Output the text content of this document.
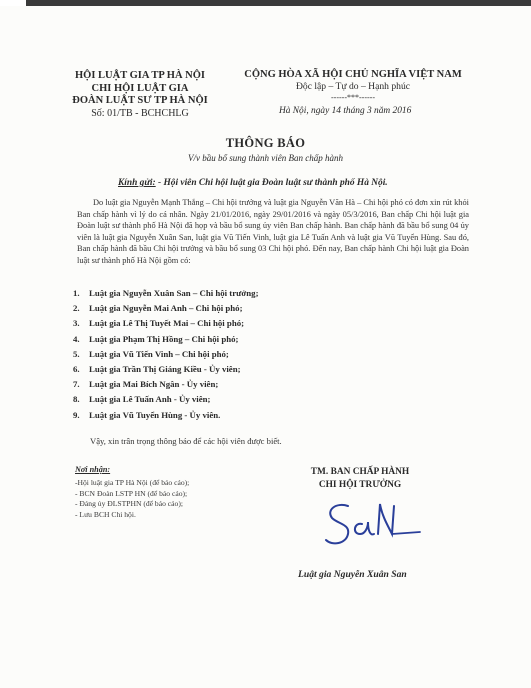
HỘI LUẬT GIA TP HÀ NỘI
CHI HỘI LUẬT GIA
ĐOÀN LUẬT SƯ TP HÀ NỘI
Số: 01/TB - BCHCHLG
CỘNG HÒA XÃ HỘI CHỦ NGHĨA VIỆT NAM
Độc lập – Tự do – Hạnh phúc
------***------
Hà Nội, ngày 14 tháng 3 năm 2016
THÔNG BÁO
V/v bầu bổ sung thành viên Ban chấp hành
Kính gửi: - Hội viên Chi hội luật gia Đoàn luật sư thành phố Hà Nội.
Do luật gia Nguyễn Mạnh Thắng – Chi hội trưởng và luật gia Nguyễn Văn Hà – Chi hội phó có đơn xin rút khỏi Ban chấp hành vì lý do cá nhân. Ngày 21/01/2016, ngày 29/01/2016 và ngày 05/3/2016, Ban chấp Chi hội luật gia Đoàn luật sư thành phố Hà Nội đã họp và bầu bổ sung ủy viên Ban chấp hành. Ban chấp hành đã bầu bổ sung 04 ủy viên là luật gia Nguyễn Xuân San, luật gia Vũ Tiến Vinh, luật gia Lê Tuấn Anh và luật gia Vũ Tuyển Hùng. Sau đó, Ban chấp hành đã bầu Chi hội trưởng và bầu bổ sung 03 Chi hội phó. Đến nay, Ban chấp hành Chi hội luật gia Đoàn luật sư thành phố Hà Nội gồm có:
1.	Luật gia Nguyễn Xuân San – Chi hội trưởng;
2.	Luật gia Nguyễn Mai Anh – Chi hội phó;
3.	Luật gia Lê Thị Tuyết Mai – Chi hội phó;
4.	Luật gia Phạm Thị Hồng – Chi hội phó;
5.	Luật gia Vũ Tiến Vinh – Chi hội phó;
6.	Luật gia Trần Thị Giáng Kiều - Ủy viên;
7.	Luật gia Mai Bích Ngân - Ủy viên;
8.	Luật gia Lê Tuấn Anh - Ủy viên;
9.	Luật gia Vũ Tuyển Hùng - Ủy viên.
Vậy, xin trân trọng thông báo để các hội viên được biết.
Nơi nhận:
-Hội luật gia TP Hà Nội (để báo cáo);
- BCN Đoàn LSTP HN (để báo cáo);
- Đảng ủy ĐLSTPHN (để báo cáo);
- Lưu BCH Chi hội.
TM. BAN CHẤP HÀNH
CHI HỘI TRƯỞNG
Luật gia Nguyễn Xuân San
